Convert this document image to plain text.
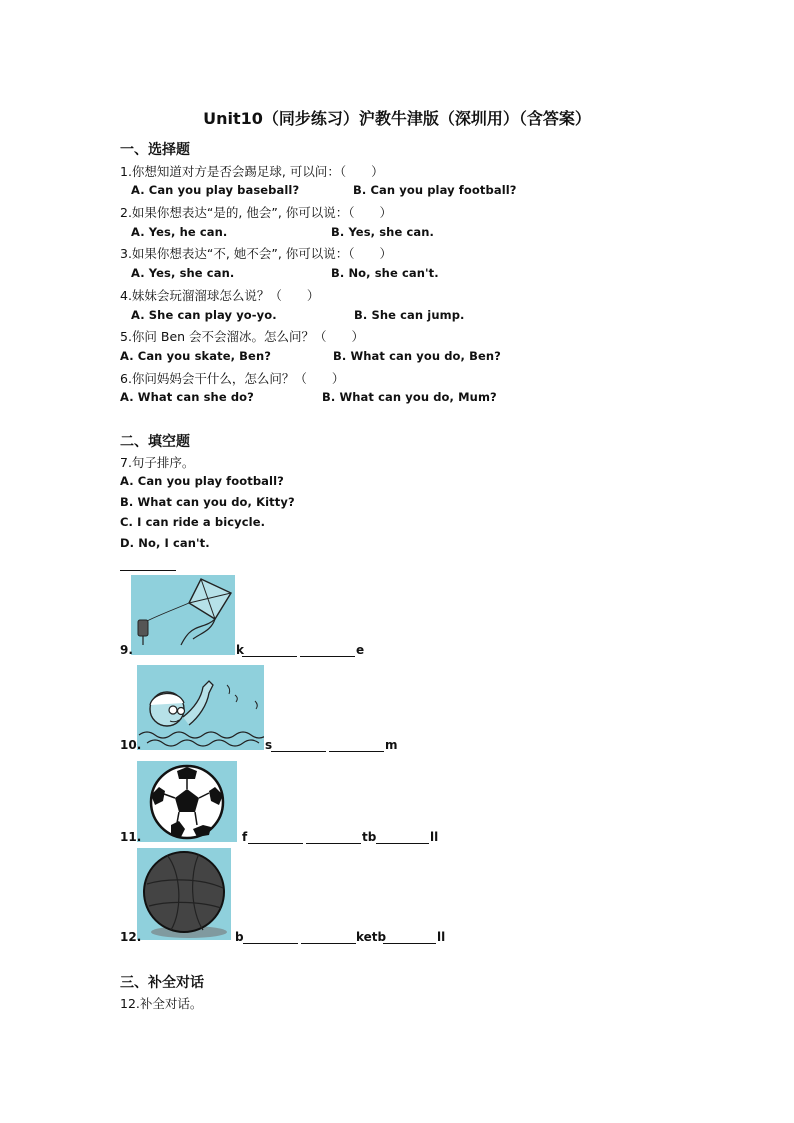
Unit10（同步练习）沪教牛津版（深圳用）（含答案）
一、选择题
1.你想知道对方是否会踢足球, 可以问：（　　）
A. Can you play baseball?	B. Can you play football?
2.如果你想表达“是的, 他会”, 你可以说：（　　）
A. Yes, he can.	B. Yes, she can.
3.如果你想表达“不, 她不会”, 你可以说：（　　）
A. Yes, she can.	B. No, she can't.
4.妹妹会玩溜溜球怎么说？（　　）
A. She can play yo-yo.	B. She can jump.
5.你问 Ben 会不会溜冰。怎么问？（　　）
A. Can you skate, Ben?	B. What can you do, Ben?
6.你问妈妈会干什么，怎么问？（　　）
A. What can she do?	B. What can you do, Mum?
二、填空题
7.句子排序。
A. Can you play football?
B. What can you do, Kitty?
C. I can ride a bicycle.
D. No, I can't.
9.	k	e
10.	s	m
11.	f	tb	ll
12.	b	ketb	ll
三、补全对话
12.补全对话。
